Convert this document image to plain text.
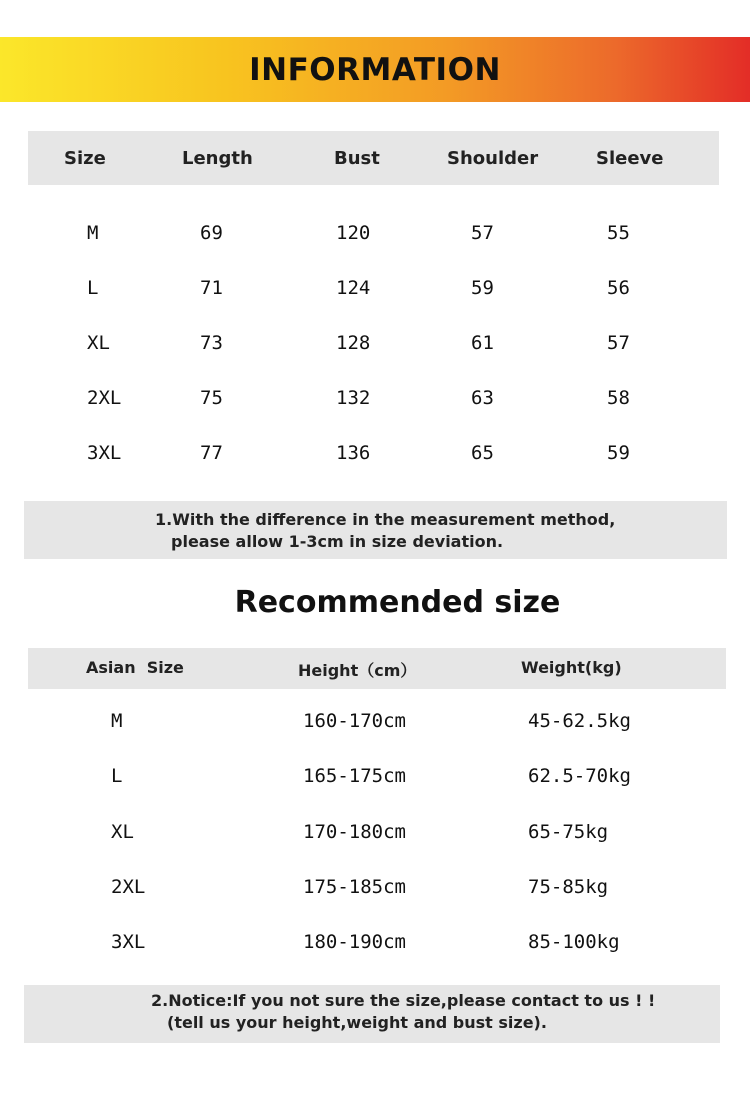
INFORMATION
Size	Length	Bust	Shoulder	Sleeve
M	69	120	57	55
L	71	124	59	56
XL	73	128	61	57
2XL	75	132	63	58
3XL	77	136	65	59
1.With the difference in the measurement method,
please allow 1-3cm in size deviation.
Recommended size
Asian  Size	Height（cm）	Weight(kg)
M	160-170cm	45-62.5kg
L	165-175cm	62.5-70kg
XL	170-180cm	65-75kg
2XL	175-185cm	75-85kg
3XL	180-190cm	85-100kg
2.Notice:If you not sure the size,please contact to us ! !
(tell us your height,weight and bust size).
